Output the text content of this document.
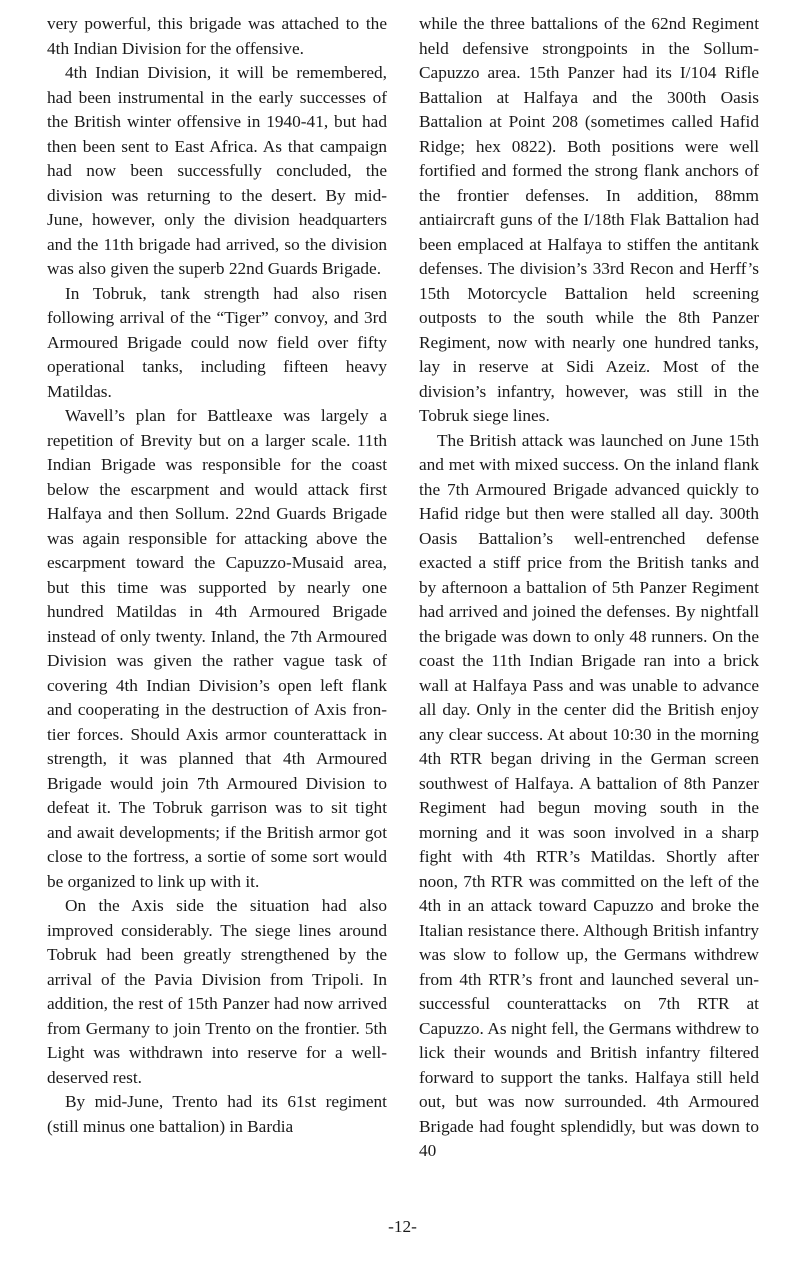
very powerful, this brigade was attached to the 4th Indian Division for the offensive.

4th Indian Division, it will be remembered, had been instrumental in the early successes of the British winter offensive in 1940-41, but had then been sent to East Africa. As that campaign had now been successfully concluded, the division was returning to the desert. By mid-June, however, only the division headquarters and the 11th brigade had arrived, so the division was also given the superb 22nd Guards Brigade.

In Tobruk, tank strength had also risen following arrival of the “Tiger” convoy, and 3rd Armoured Brigade could now field over fifty operational tanks, including fifteen heavy Matildas.

Wavell’s plan for Battleaxe was largely a repetition of Brevity but on a larger scale. 11th Indian Brigade was responsible for the coast below the escarpment and would attack first Halfaya and then Sollum. 22nd Guards Brigade was again responsible for attacking above the escarpment toward the Capuzzo-Musaid area, but this time was supported by nearly one hundred Matildas in 4th Armoured Brigade instead of only twenty. Inland, the 7th Armoured Division was given the rather vague task of covering 4th Indian Division’s open left flank and cooperating in the destruction of Axis frontier forces. Should Axis armor counterattack in strength, it was planned that 4th Armoured Brigade would join 7th Armoured Division to defeat it. The Tobruk garrison was to sit tight and await developments; if the British armor got close to the fortress, a sortie of some sort would be organized to link up with it.

On the Axis side the situation had also improved considerably. The siege lines around Tobruk had been greatly strengthened by the arrival of the Pavia Division from Tripoli. In addition, the rest of 15th Panzer had now arrived from Germany to join Trento on the frontier. 5th Light was withdrawn into reserve for a well-deserved rest.

By mid-June, Trento had its 61st regiment (still minus one battalion) in Bardia

while the three battalions of the 62nd Regiment held defensive strongpoints in the Sollum-Capuzzo area. 15th Panzer had its I/104 Rifle Battalion at Halfaya and the 300th Oasis Battalion at Point 208 (sometimes called Hafid Ridge; hex 0822). Both positions were well fortified and formed the strong flank anchors of the frontier defenses. In addition, 88mm antiaircraft guns of the I/18th Flak Battalion had been emplaced at Halfaya to stiffen the antitank defenses. The division’s 33rd Recon and Herff’s 15th Motorcycle Battalion held screening outposts to the south while the 8th Panzer Regiment, now with nearly one hundred tanks, lay in reserve at Sidi Azeiz. Most of the division’s infantry, however, was still in the Tobruk siege lines.

The British attack was launched on June 15th and met with mixed success. On the inland flank the 7th Armoured Brigade advanced quickly to Hafid ridge but then were stalled all day. 300th Oasis Battalion’s well-entrenched defense exacted a stiff price from the British tanks and by afternoon a battalion of 5th Panzer Regiment had arrived and joined the defenses. By nightfall the brigade was down to only 48 runners. On the coast the 11th Indian Brigade ran into a brick wall at Halfaya Pass and was unable to advance all day. Only in the center did the British enjoy any clear success. At about 10:30 in the morning 4th RTR began driving in the German screen southwest of Halfaya. A battalion of 8th Panzer Regiment had begun moving south in the morning and it was soon involved in a sharp fight with 4th RTR’s Matildas. Shortly after noon, 7th RTR was committed on the left of the 4th in an attack toward Capuzzo and broke the Italian resistance there. Although British infantry was slow to follow up, the Germans withdrew from 4th RTR’s front and launched several unsuccessful counterattacks on 7th RTR at Capuzzo. As night fell, the Germans withdrew to lick their wounds and British infantry filtered forward to support the tanks. Halfaya still held out, but was now surrounded. 4th Armoured Brigade had fought splendidly, but was down to 40

-12-
